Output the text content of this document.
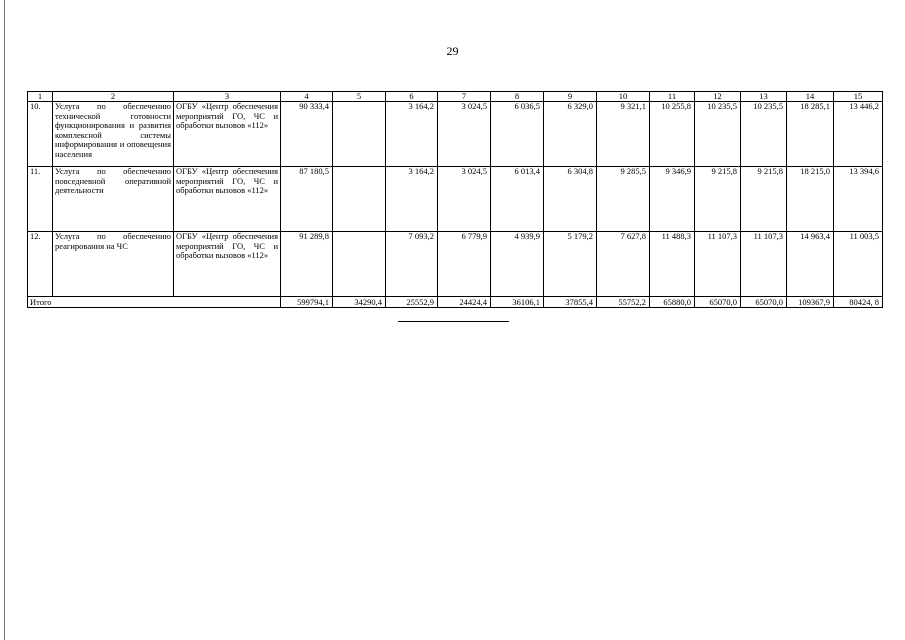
29
1	2	3	4	5	6	7	8	9	10	11	12	13	14	15
10.	Услуга по обеспечению технической готовности функционирования и развития комплексной системы информирования и оповещения населения	ОГБУ «Центр обеспечения мероприятий ГО, ЧС и обработки вызовов «112»	90 333,4		3 164,2	3 024,5	6 036,5	6 329,0	9 321,1	10 255,8	10 235,5	10 235,5	18 285,1	13 446,2
11.	Услуга по обеспечению повседневной оперативной деятельности	ОГБУ «Центр обеспечения мероприятий ГО, ЧС и обработки вызовов «112»	87 180,5		3 164,2	3 024,5	6 013,4	6 304,8	9 285,5	9 346,9	9 215,8	9 215,8	18 215,0	13 394,6
12.	Услуга по обеспечению реагирования на ЧС	ОГБУ «Центр обеспечения мероприятий ГО, ЧС и обработки вызовов «112»	91 289,8		7 093,2	6 779,9	4 939,9	5 179,2	7 627,8	11 488,3	11 107,3	11 107,3	14 963,4	11 003,5
Итого			599794,1	34290,4	25552,9	24424,4	36106,1	37855,4	55752,2	65880,0	65070,0	65070,0	109367,9	80424, 8
